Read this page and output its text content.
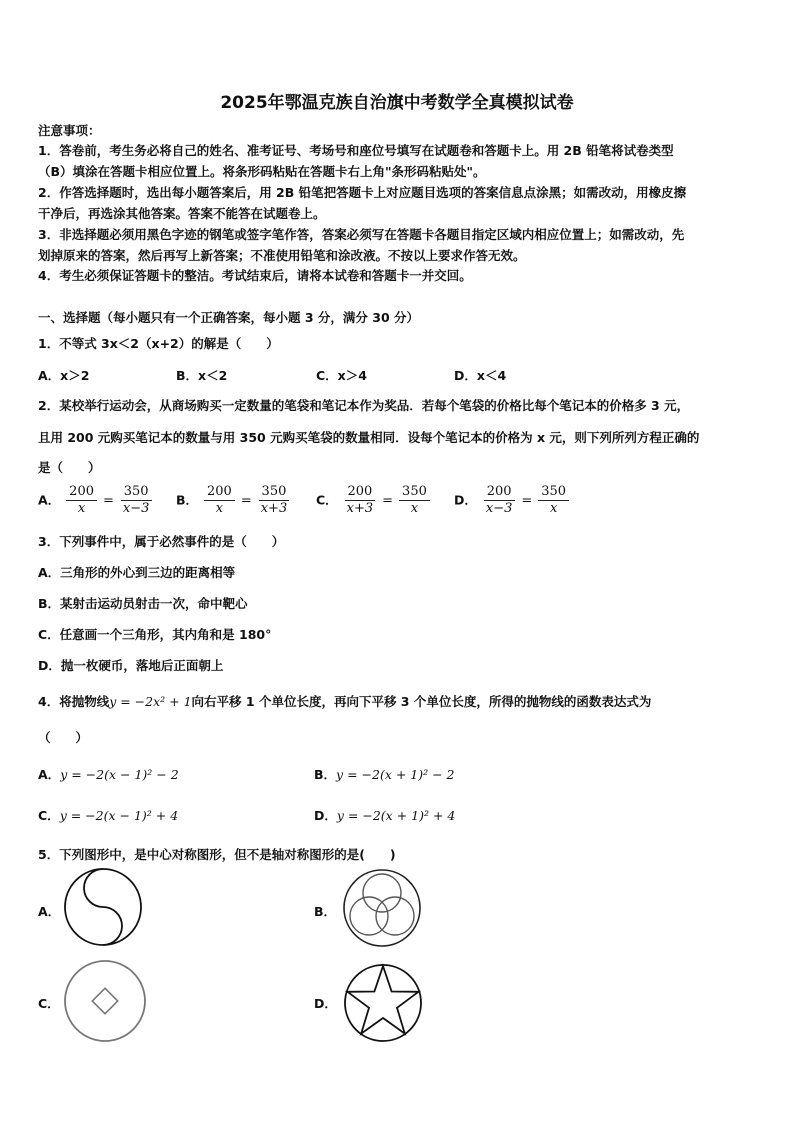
2025年鄂温克族自治旗中考数学全真模拟试卷
注意事项：
1．答卷前，考生务必将自己的姓名、准考证号、考场号和座位号填写在试题卷和答题卡上。用 2B 铅笔将试卷类型
（B）填涂在答题卡相应位置上。将条形码粘贴在答题卡右上角"条形码粘贴处"。
2．作答选择题时，选出每小题答案后，用 2B 铅笔把答题卡上对应题目选项的答案信息点涂黑；如需改动，用橡皮擦
干净后，再选涂其他答案。答案不能答在试题卷上。
3．非选择题必须用黑色字迹的钢笔或签字笔作答，答案必须写在答题卡各题目指定区域内相应位置上；如需改动，先
划掉原来的答案，然后再写上新答案；不准使用铅笔和涂改液。不按以上要求作答无效。
4．考生必须保证答题卡的整洁。考试结束后，请将本试卷和答题卡一并交回。
一、选择题（每小题只有一个正确答案，每小题 3 分，满分 30 分）
1．不等式 3x＜2（x+2）的解是（　　）
A．x＞2	B．x＜2	C．x＞4	D．x＜4
2．某校举行运动会，从商场购买一定数量的笔袋和笔记本作为奖品．若每个笔袋的价格比每个笔记本的价格多 3 元，
且用 200 元购买笔记本的数量与用 350 元购买笔袋的数量相同．设每个笔记本的价格为 x 元，则下列所列方程正确的
是（　　）
A． $\frac{200}{x} = \frac{350}{x-3}$ B． $\frac{200}{x} = \frac{350}{x+3}$ C． $\frac{200}{x+3} = \frac{350}{x}$ D． $\frac{200}{x-3} = \frac{350}{x}$
3．下列事件中，属于必然事件的是（　　）
A．三角形的外心到三边的距离相等
B．某射击运动员射击一次，命中靶心
C．任意画一个三角形，其内角和是 180°
D．抛一枚硬币，落地后正面朝上
4．将抛物线y = −2x² + 1向右平移 1 个单位长度，再向下平移 3 个单位长度，所得的抛物线的函数表达式为
（　　）
A．y = −2(x − 1)² − 2	B．y = −2(x + 1)² − 2
C．y = −2(x − 1)² + 4	D．y = −2(x + 1)² + 4
5．下列图形中，是中心对称图形，但不是轴对称图形的是(　　)
A．	B．
C．	D．
